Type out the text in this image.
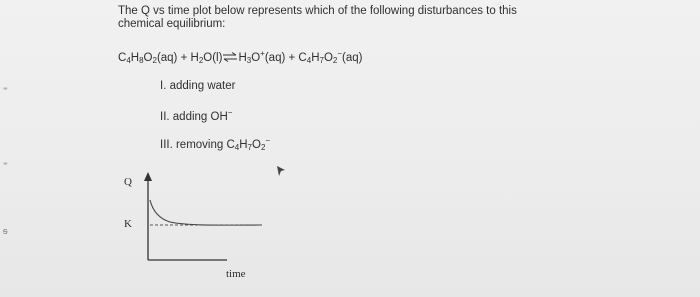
⁼
⁼
ᵴ
The Q vs time plot below represents which of the following disturbances to this
chemical equilibrium:
$C_4H_8O_2(aq)$ + $H_2O(l)\rightleftharpoons H_3O^+(aq) + C_4H_7O_2^-(aq)$
I. adding water
II. adding OH−
III. removing $C_4H_7O_2^-$
Q
K
time
